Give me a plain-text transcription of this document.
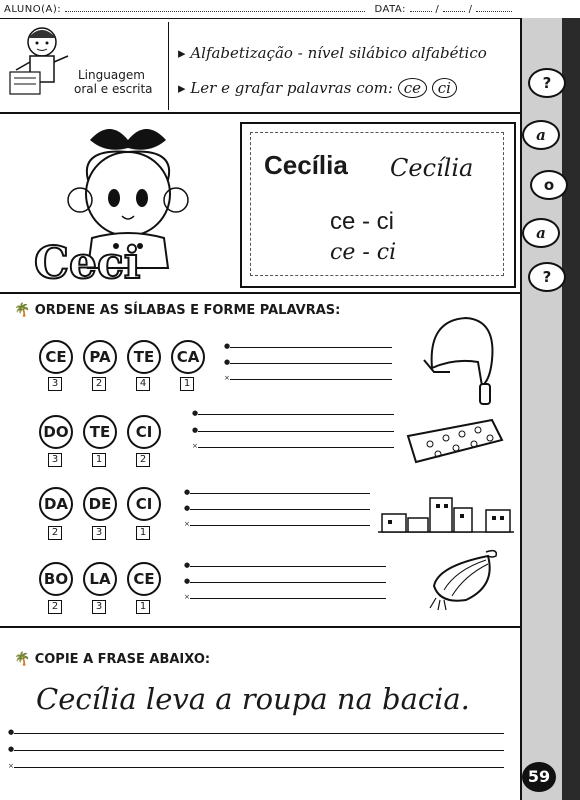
ALUNO(A):	DATA:	/	/
Linguagem
oral e escrita
▸ Alfabetização - nível silábico alfabético
▸ Ler e grafar palavras com: ce ci
Ceci
Cecília Cecília
ce - ci
ce - ci
🌴 ORDENE AS SÍLABAS E FORME PALAVRAS:
CE	PA	TE	CA
3	2	4	1
●
●
×
DO	TE	CI
3	1	2
●
●
×
DA	DE	CI
2	3	1
●
●
×
BO	LA	CE
2	3	1
●
●
×
🌴 COPIE A FRASE ABAIXO:
Cecília leva a roupa na bacia.
●
●
×
?
a
o
a
?
59
